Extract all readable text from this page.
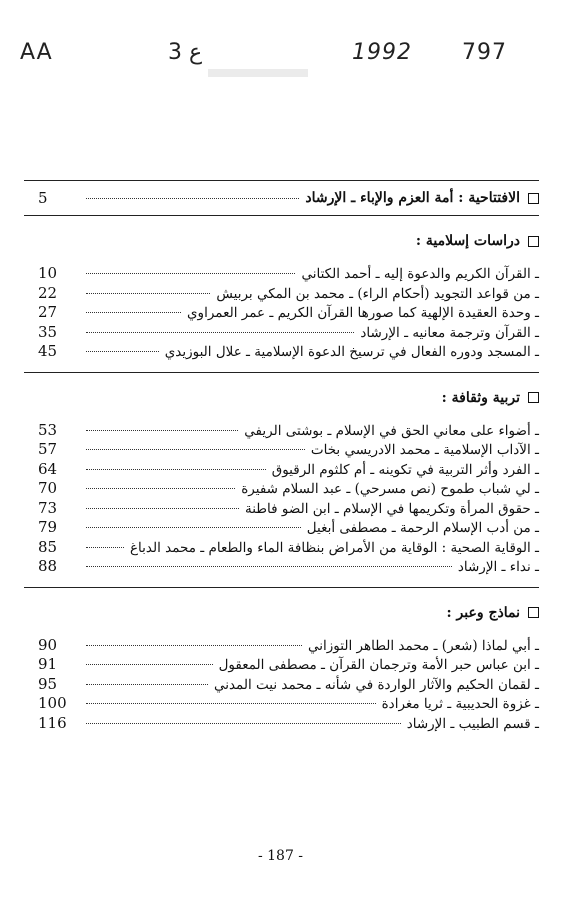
AA	3 ع	1992 797
5	الافتتاحية : أمة العزم والإباء ـ الإرشاد
دراسات إسلامية :
10	ـ القرآن الكريم والدعوة إليه ـ أحمد الكتاني
22	ـ من قواعد التجويد (أحكام الراء) ـ محمد بن المكي بربيش
27	ـ وحدة العقيدة الإلهية كما صورها القرآن الكريم ـ عمر العمراوي
35	ـ القرآن وترجمة معانيه ـ الإرشاد
45	ـ المسجد ودوره الفعال في ترسيخ الدعوة الإسلامية ـ علال البوزيدي
تربية وثقافة :
53	ـ أضواء على معاني الحق في الإسلام ـ بوشتى الريفي
57	ـ الآداب الإسلامية ـ محمد الادريسي بخات
64	ـ الفرد وأثر التربية في تكوينه ـ أم كلثوم الرقيوق
70	ـ لي شباب طموح (نص مسرحي) ـ عبد السلام شفيرة
73	ـ حقوق المرأة وتكريمها في الإسلام ـ ابن الضو فاطنة
79	ـ من أدب الإسلام الرحمة ـ مصطفى أبغيل
85	ـ الوقاية الصحية : الوقاية من الأمراض بنظافة الماء والطعام ـ محمد الدباغ
88	ـ نداء ـ الإرشاد
نماذج وعبر :
90	ـ أبي لماذا (شعر) ـ محمد الطاهر التوزاني
91	ـ ابن عباس حبر الأمة وترجمان القرآن ـ مصطفى المعقول
95	ـ لقمان الحكيم والآثار الواردة في شأنه ـ محمد نيت المدني
100	ـ غزوة الحديبية ـ ثريا مغرادة
116	ـ قسم الطبيب ـ الإرشاد
- 187 -
